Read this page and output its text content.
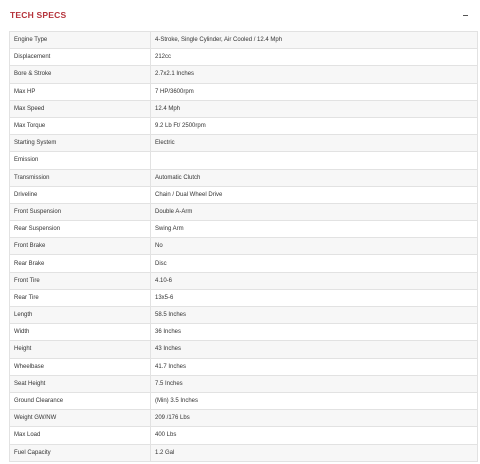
TECH SPECS
Engine Type	4-Stroke, Single Cylinder, Air Cooled / 12.4 Mph
Displacement	212cc
Bore & Stroke	2.7x2.1 Inches
Max HP	7 HP/3600rpm
Max Speed	12.4 Mph
Max Torque	9.2 Lb Ft/ 2500rpm
Starting System	Electric
Emission	
Transmission	Automatic Clutch
Driveline	Chain / Dual Wheel Drive
Front Suspension	Double A-Arm
Rear Suspension	Swing Arm
Front Brake	No
Rear Brake	Disc
Front Tire	4.10-6
Rear Tire	13x5-6
Length	58.5 Inches
Width	36 Inches
Height	43 Inches
Wheelbase	41.7 Inches
Seat Height	7.5 Inches
Ground Clearance	(Min) 3.5 Inches
Weight GW/NW	209 /176 Lbs
Max Load	400 Lbs
Fuel Capacity	1.2 Gal
